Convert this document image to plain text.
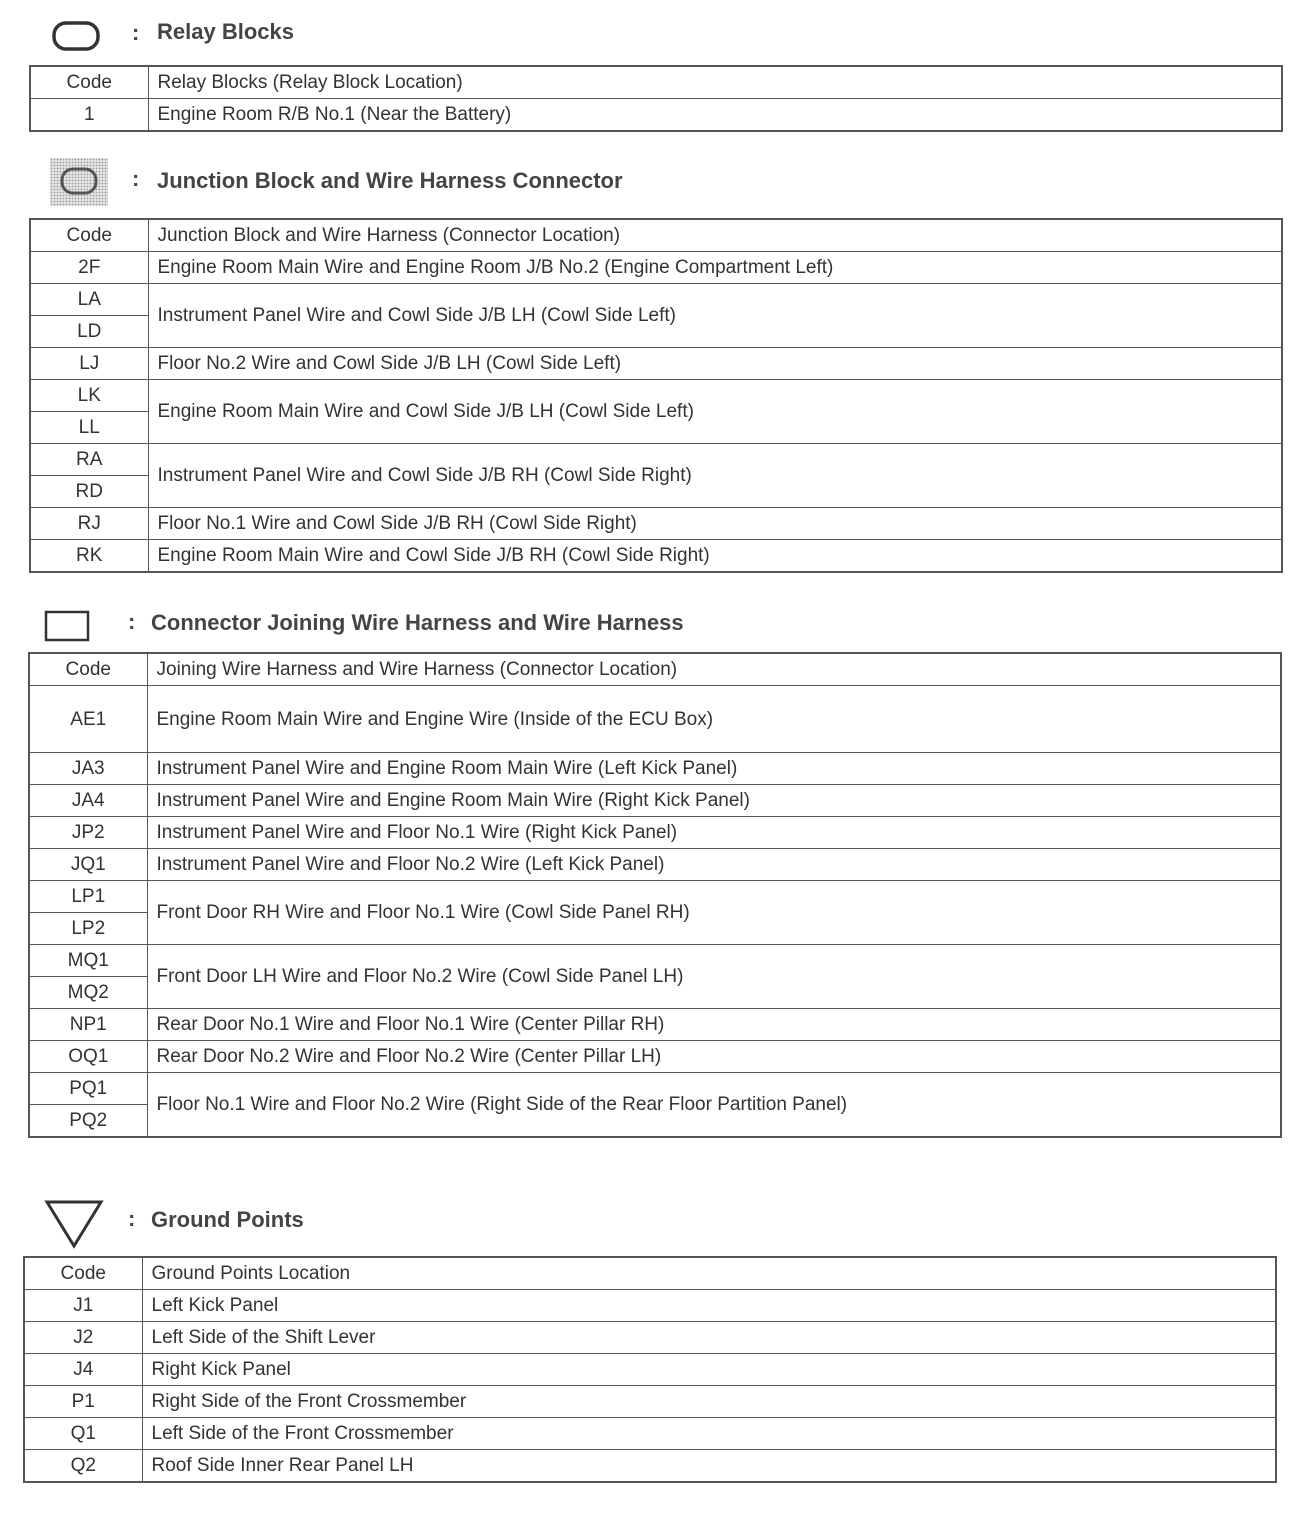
: Relay Blocks
Code	Relay Blocks (Relay Block Location)
1	Engine Room R/B No.1 (Near the Battery)
: Junction Block and Wire Harness Connector
Code	Junction Block and Wire Harness (Connector Location)
2F	Engine Room Main Wire and Engine Room J/B No.2 (Engine Compartment Left)
LA	Instrument Panel Wire and Cowl Side J/B LH (Cowl Side Left)
LD	
LJ	Floor No.2 Wire and Cowl Side J/B LH (Cowl Side Left)
LK	Engine Room Main Wire and Cowl Side J/B LH (Cowl Side Left)
LL	
RA	Instrument Panel Wire and Cowl Side J/B RH (Cowl Side Right)
RD	
RJ	Floor No.1 Wire and Cowl Side J/B RH (Cowl Side Right)
RK	Engine Room Main Wire and Cowl Side J/B RH (Cowl Side Right)
: Connector Joining Wire Harness and Wire Harness
Code	Joining Wire Harness and Wire Harness (Connector Location)
AE1	Engine Room Main Wire and Engine Wire (Inside of the ECU Box)
JA3	Instrument Panel Wire and Engine Room Main Wire (Left Kick Panel)
JA4	Instrument Panel Wire and Engine Room Main Wire (Right Kick Panel)
JP2	Instrument Panel Wire and Floor No.1 Wire (Right Kick Panel)
JQ1	Instrument Panel Wire and Floor No.2 Wire (Left Kick Panel)
LP1	Front Door RH Wire and Floor No.1 Wire (Cowl Side Panel RH)
LP2	
MQ1	Front Door LH Wire and Floor No.2 Wire (Cowl Side Panel LH)
MQ2	
NP1	Rear Door No.1 Wire and Floor No.1 Wire (Center Pillar RH)
OQ1	Rear Door No.2 Wire and Floor No.2 Wire (Center Pillar LH)
PQ1	Floor No.1 Wire and Floor No.2 Wire (Right Side of the Rear Floor Partition Panel)
PQ2	
: Ground Points
Code	Ground Points Location
J1	Left Kick Panel
J2	Left Side of the Shift Lever
J4	Right Kick Panel
P1	Right Side of the Front Crossmember
Q1	Left Side of the Front Crossmember
Q2	Roof Side Inner Rear Panel LH
